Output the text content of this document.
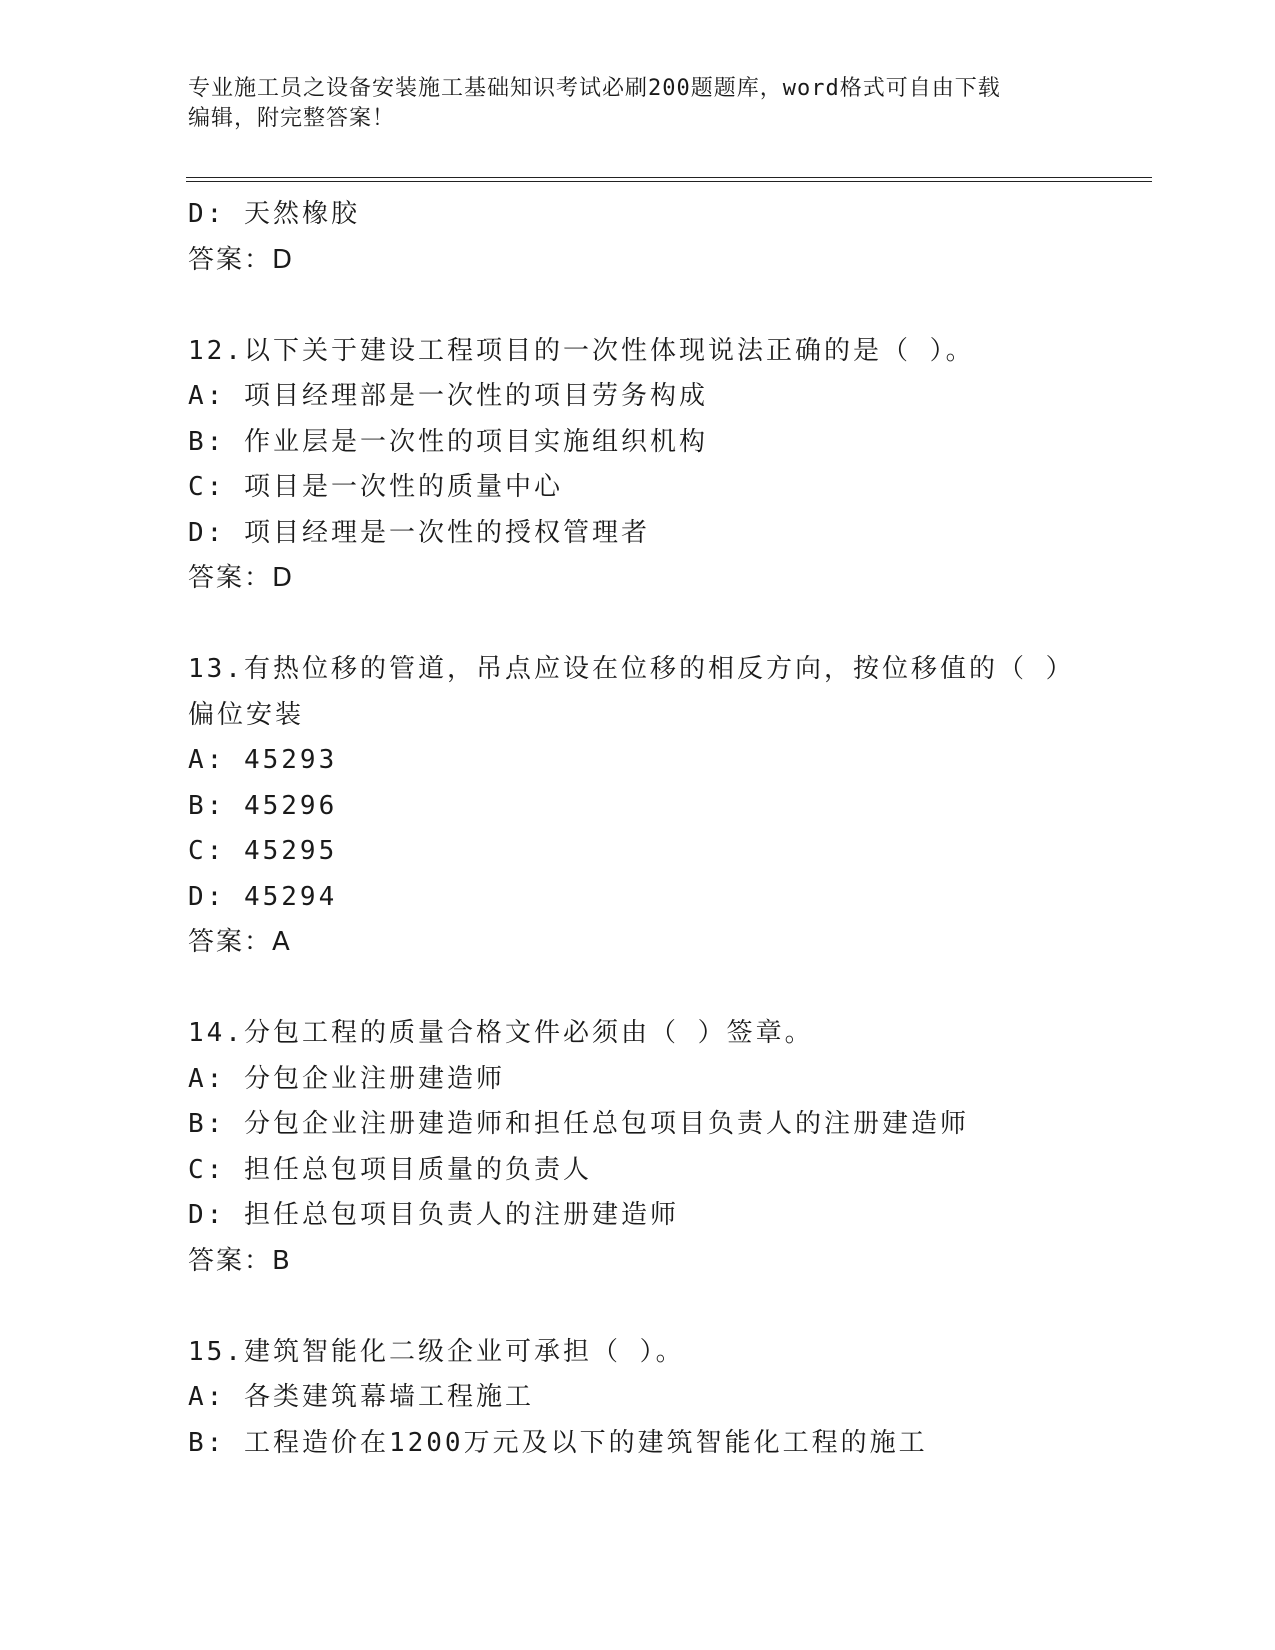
专业施工员之设备安装施工基础知识考试必刷200题题库，word格式可自由下载
编辑，附完整答案！
D: 天然橡胶
答案：D
12.以下关于建设工程项目的一次性体现说法正确的是（ ）。
A: 项目经理部是一次性的项目劳务构成
B: 作业层是一次性的项目实施组织机构
C: 项目是一次性的质量中心
D: 项目经理是一次性的授权管理者
答案：D
13.有热位移的管道，吊点应设在位移的相反方向，按位移值的（ ）
偏位安装
A: 45293
B: 45296
C: 45295
D: 45294
答案：A
14.分包工程的质量合格文件必须由（ ）签章。
A: 分包企业注册建造师
B: 分包企业注册建造师和担任总包项目负责人的注册建造师
C: 担任总包项目质量的负责人
D: 担任总包项目负责人的注册建造师
答案：B
15.建筑智能化二级企业可承担（ ）。
A: 各类建筑幕墙工程施工
B: 工程造价在1200万元及以下的建筑智能化工程的施工
